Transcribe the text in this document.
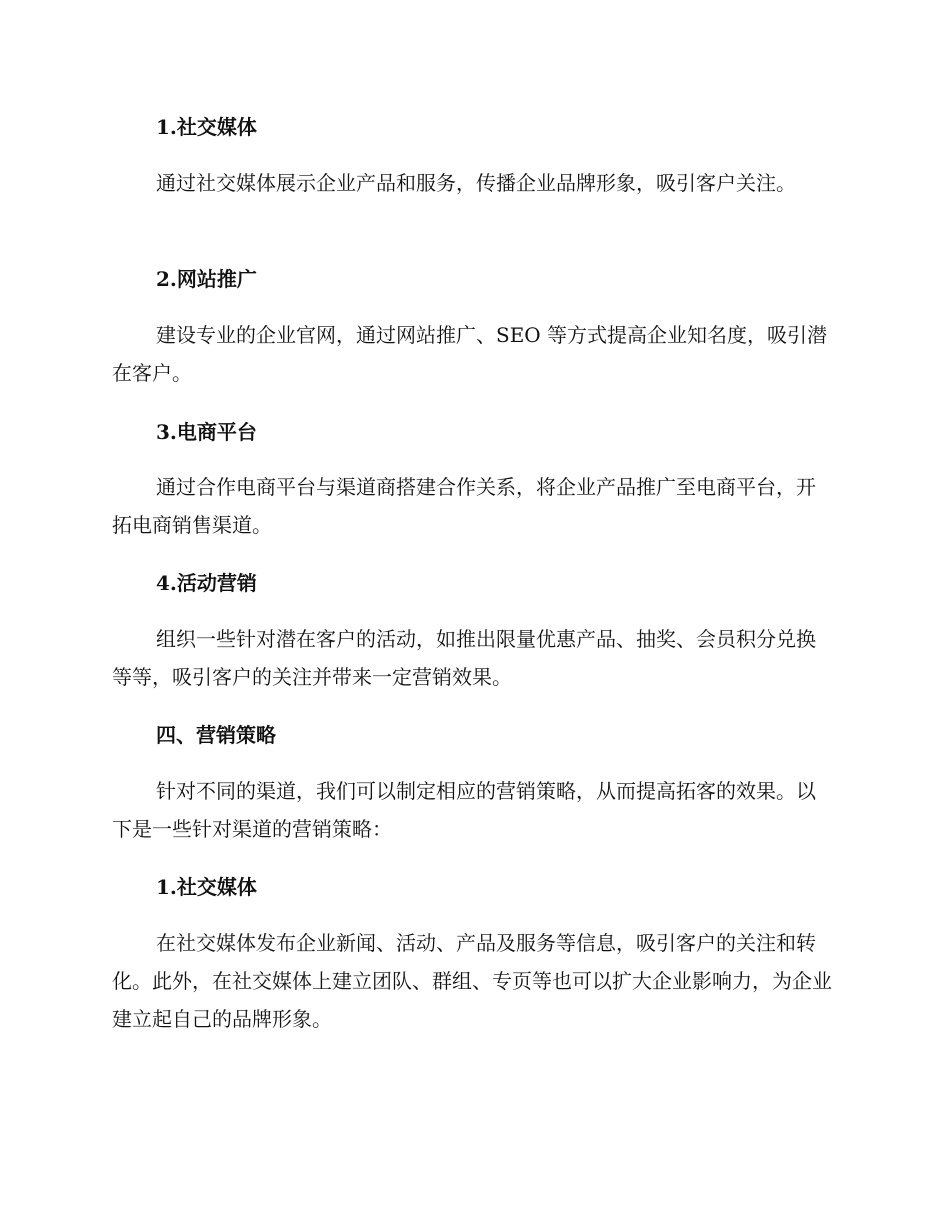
1.社交媒体
通过社交媒体展示企业产品和服务，传播企业品牌形象，吸引客户关注。
2.网站推广
建设专业的企业官网，通过网站推广、SEO 等方式提高企业知名度，吸引潜在客户。
3.电商平台
通过合作电商平台与渠道商搭建合作关系，将企业产品推广至电商平台，开拓电商销售渠道。
4.活动营销
组织一些针对潜在客户的活动，如推出限量优惠产品、抽奖、会员积分兑换等等，吸引客户的关注并带来一定营销效果。
四、营销策略
针对不同的渠道，我们可以制定相应的营销策略，从而提高拓客的效果。以下是一些针对渠道的营销策略：
1.社交媒体
在社交媒体发布企业新闻、活动、产品及服务等信息，吸引客户的关注和转化。此外，在社交媒体上建立团队、群组、专页等也可以扩大企业影响力，为企业建立起自己的品牌形象。
